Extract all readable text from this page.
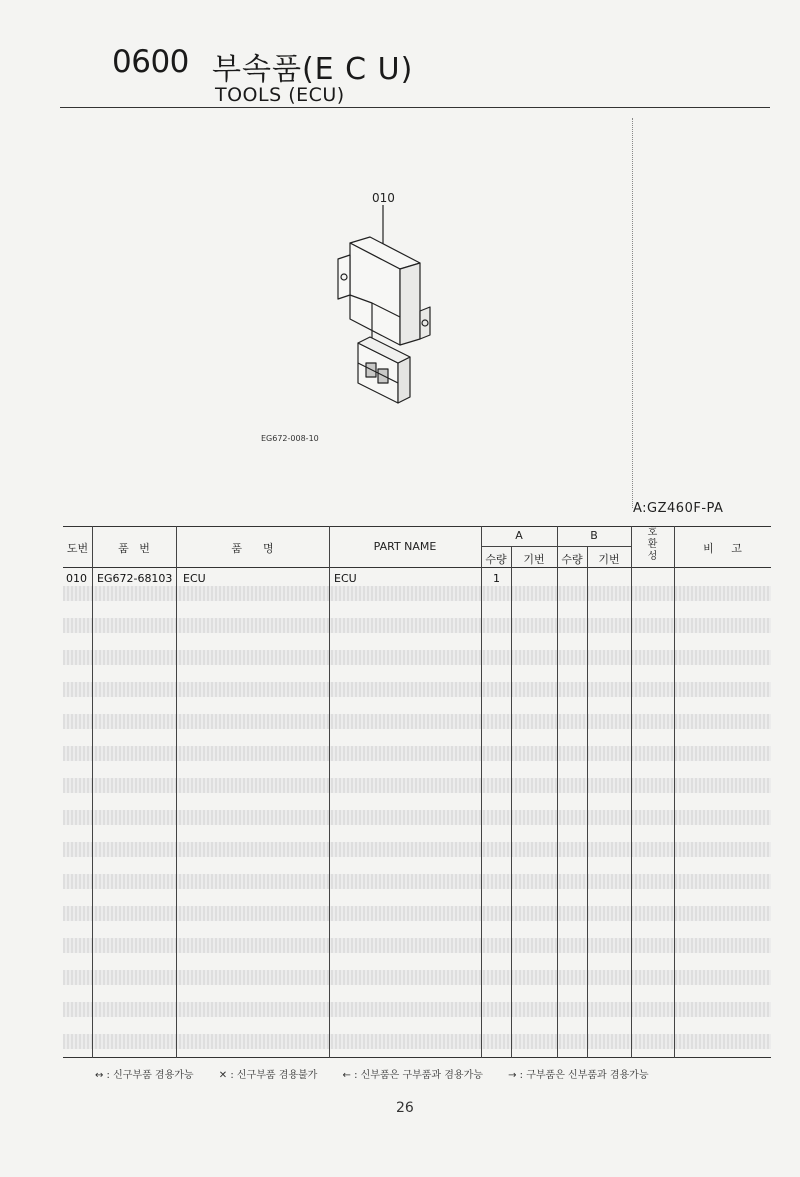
0600 부속품(E C U)
TOOLS (ECU)
010
EG672-008-10
A:GZ460F-PA
도번	품   번	품      명	PART NAME
A	B
수량	기번	수량	기번
호
환
성
비     고
010 EG672-68103 ECU	ECU	1
↔ : 신구부품 겸용가능	✕ : 신구부품 겸용불가	← : 신부품은 구부품과 겸용가능	→ : 구부품은 신부품과 겸용가능
26
